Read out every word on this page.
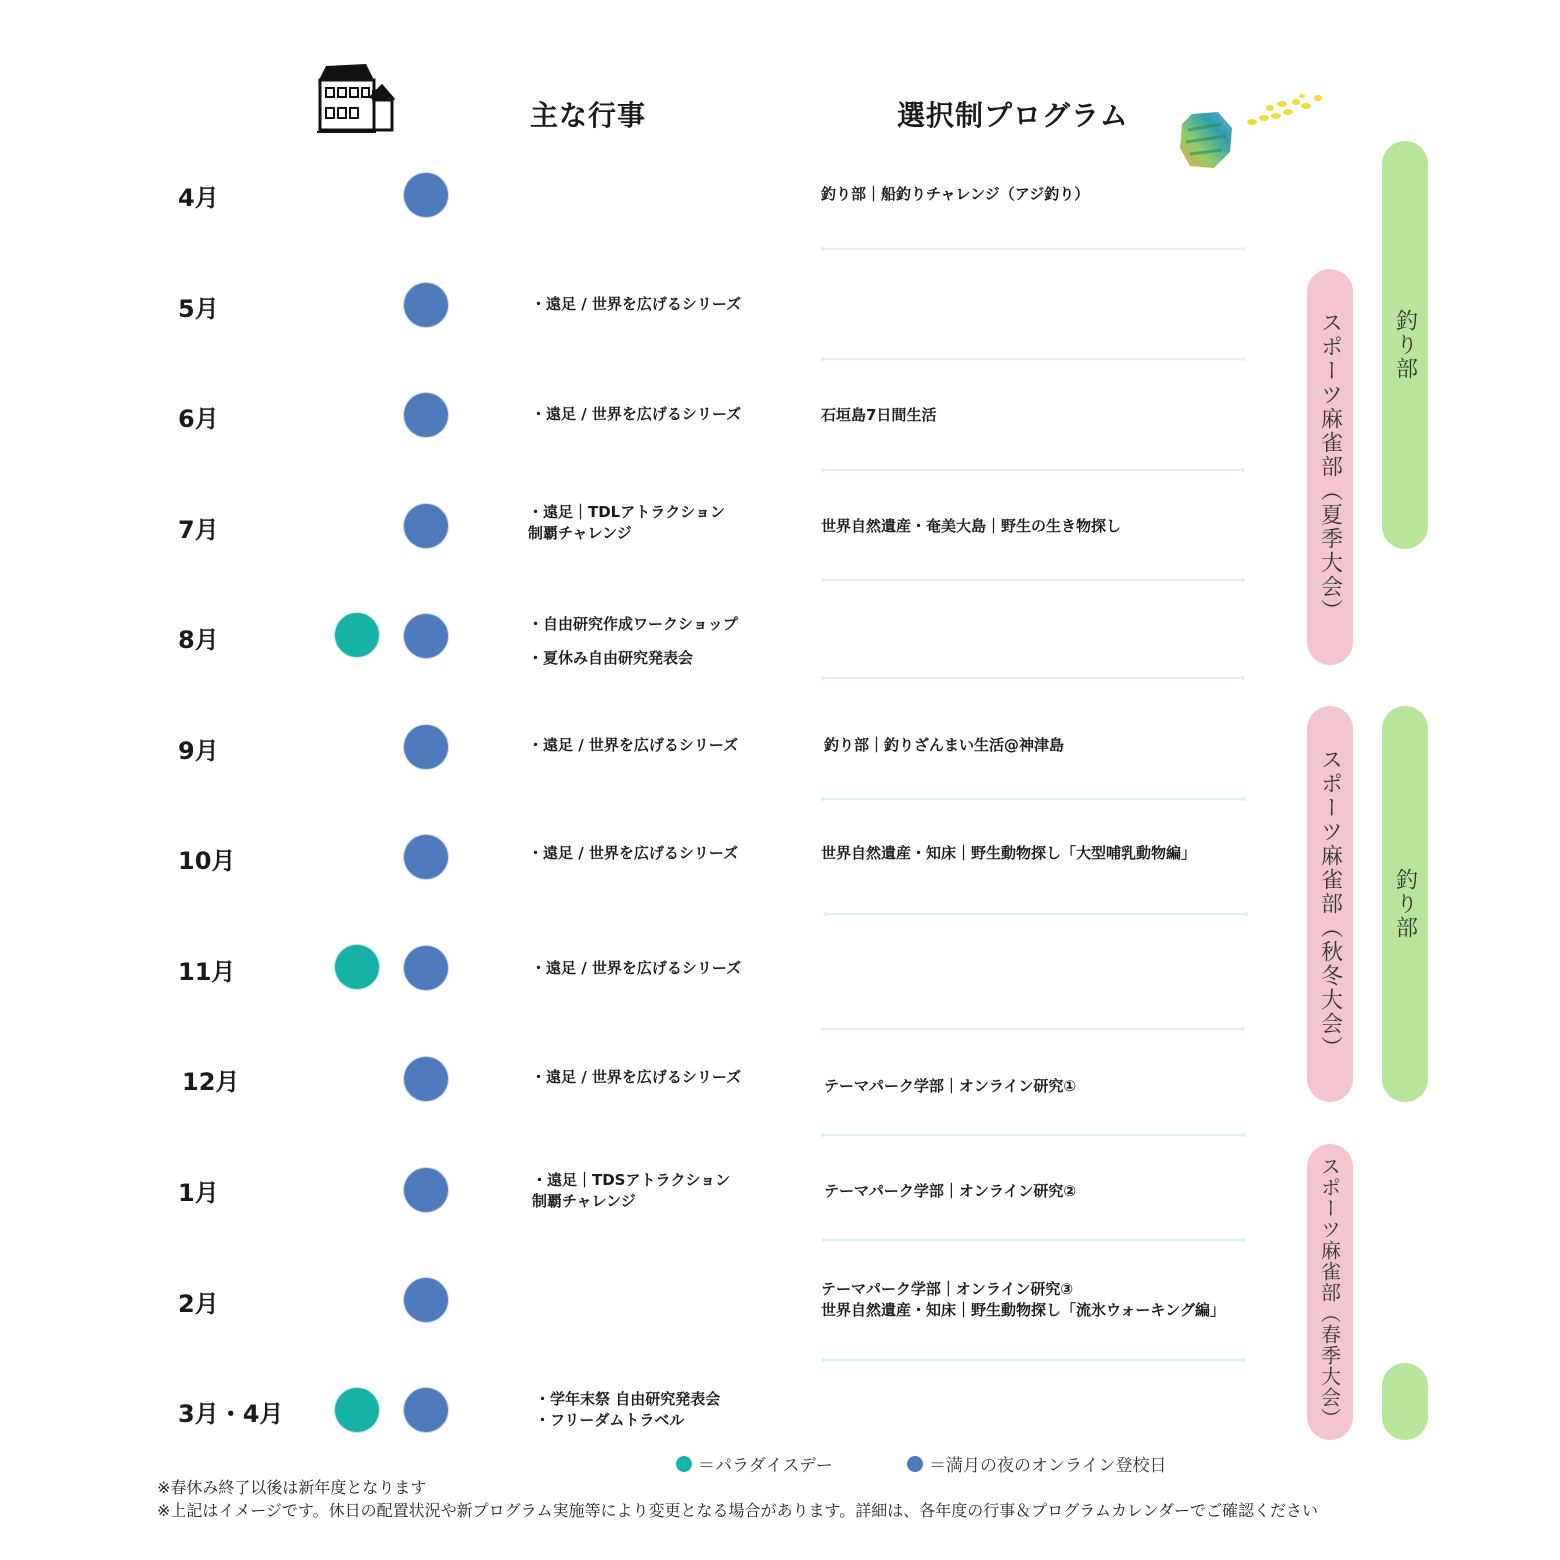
主な行事	選択制プログラム
4月
5月
6月
7月
8月
9月
10月
11月
12月
1月
2月
3月・4月
・遠足 / 世界を広げるシリーズ
・遠足 / 世界を広げるシリーズ
・遠足｜TDLアトラクション
制覇チャレンジ
・自由研究作成ワークショップ
・夏休み自由研究発表会
・遠足 / 世界を広げるシリーズ
・遠足 / 世界を広げるシリーズ
・遠足 / 世界を広げるシリーズ
・遠足 / 世界を広げるシリーズ
・遠足｜TDSアトラクション
制覇チャレンジ
・学年末祭 自由研究発表会
・フリーダムトラベル
釣り部｜船釣りチャレンジ（アジ釣り）
石垣島7日間生活
世界自然遺産・奄美大島｜野生の生き物探し
釣り部｜釣りざんまい生活@神津島
世界自然遺産・知床｜野生動物探し「大型哺乳動物編」
テーマパーク学部｜オンライン研究①
テーマパーク学部｜オンライン研究②
テーマパーク学部｜オンライン研究③
世界自然遺産・知床｜野生動物探し「流氷ウォーキング編」
釣り部
釣り部
スポーツ麻雀部（夏季大会）
スポーツ麻雀部（秋冬大会）
スポーツ麻雀部（春季大会）
＝パラダイスデー	＝満月の夜のオンライン登校日
※春休み終了以後は新年度となります
※上記はイメージです。休日の配置状況や新プログラム実施等により変更となる場合があります。詳細は、各年度の行事＆プログラムカレンダーでご確認ください
